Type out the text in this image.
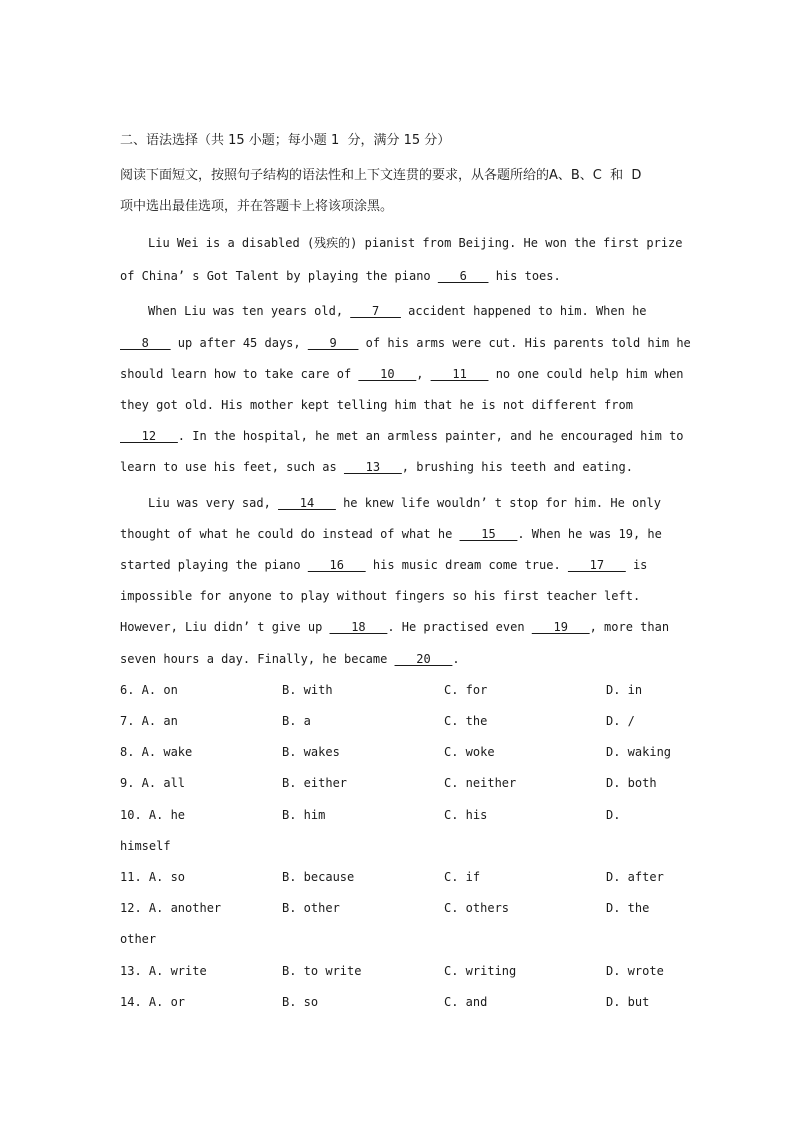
二、语法选择（共 15 小题；每小题 1  分，满分 15 分）
阅读下面短文，按照句子结构的语法性和上下文连贯的要求，从各题所给的A、B、C  和  D
项中选出最佳选项，并在答题卡上将该项涂黑。
Liu Wei is a disabled (残疾的) pianist from Beijing. He won the first prize
of China’ s Got Talent by playing the piano ___6___ his toes.
When Liu was ten years old, ___7___ accident happened to him. When he
___8___ up after 45 days, ___9___ of his arms were cut. His parents told him he
should learn how to take care of ___10___, ___11___ no one could help him when
they got old. His mother kept telling him that he is not different from
___12___. In the hospital, he met an armless painter, and he encouraged him to
learn to use his feet, such as ___13___, brushing his teeth and eating.
Liu was very sad, ___14___ he knew life wouldn’ t stop for him. He only
thought of what he could do instead of what he ___15___. When he was 19, he
started playing the piano ___16___ his music dream come true. ___17___ is
impossible for anyone to play without fingers so his first teacher left.
However, Liu didn’ t give up ___18___. He practised even ___19___, more than
seven hours a day. Finally, he became ___20___.
6. A. on	B. with	C. for	D. in
7. A. an	B. a	C. the	D. /
8. A. wake	B. wakes	C. woke	D. waking
9. A. all	B. either	C. neither	D. both
10. A. he	B. him	C. his	D.
himself
11. A. so	B. because	C. if	D. after
12. A. another	B. other	C. others	D. the
other
13. A. write	B. to write	C. writing	D. wrote
14. A. or	B. so	C. and	D. but
